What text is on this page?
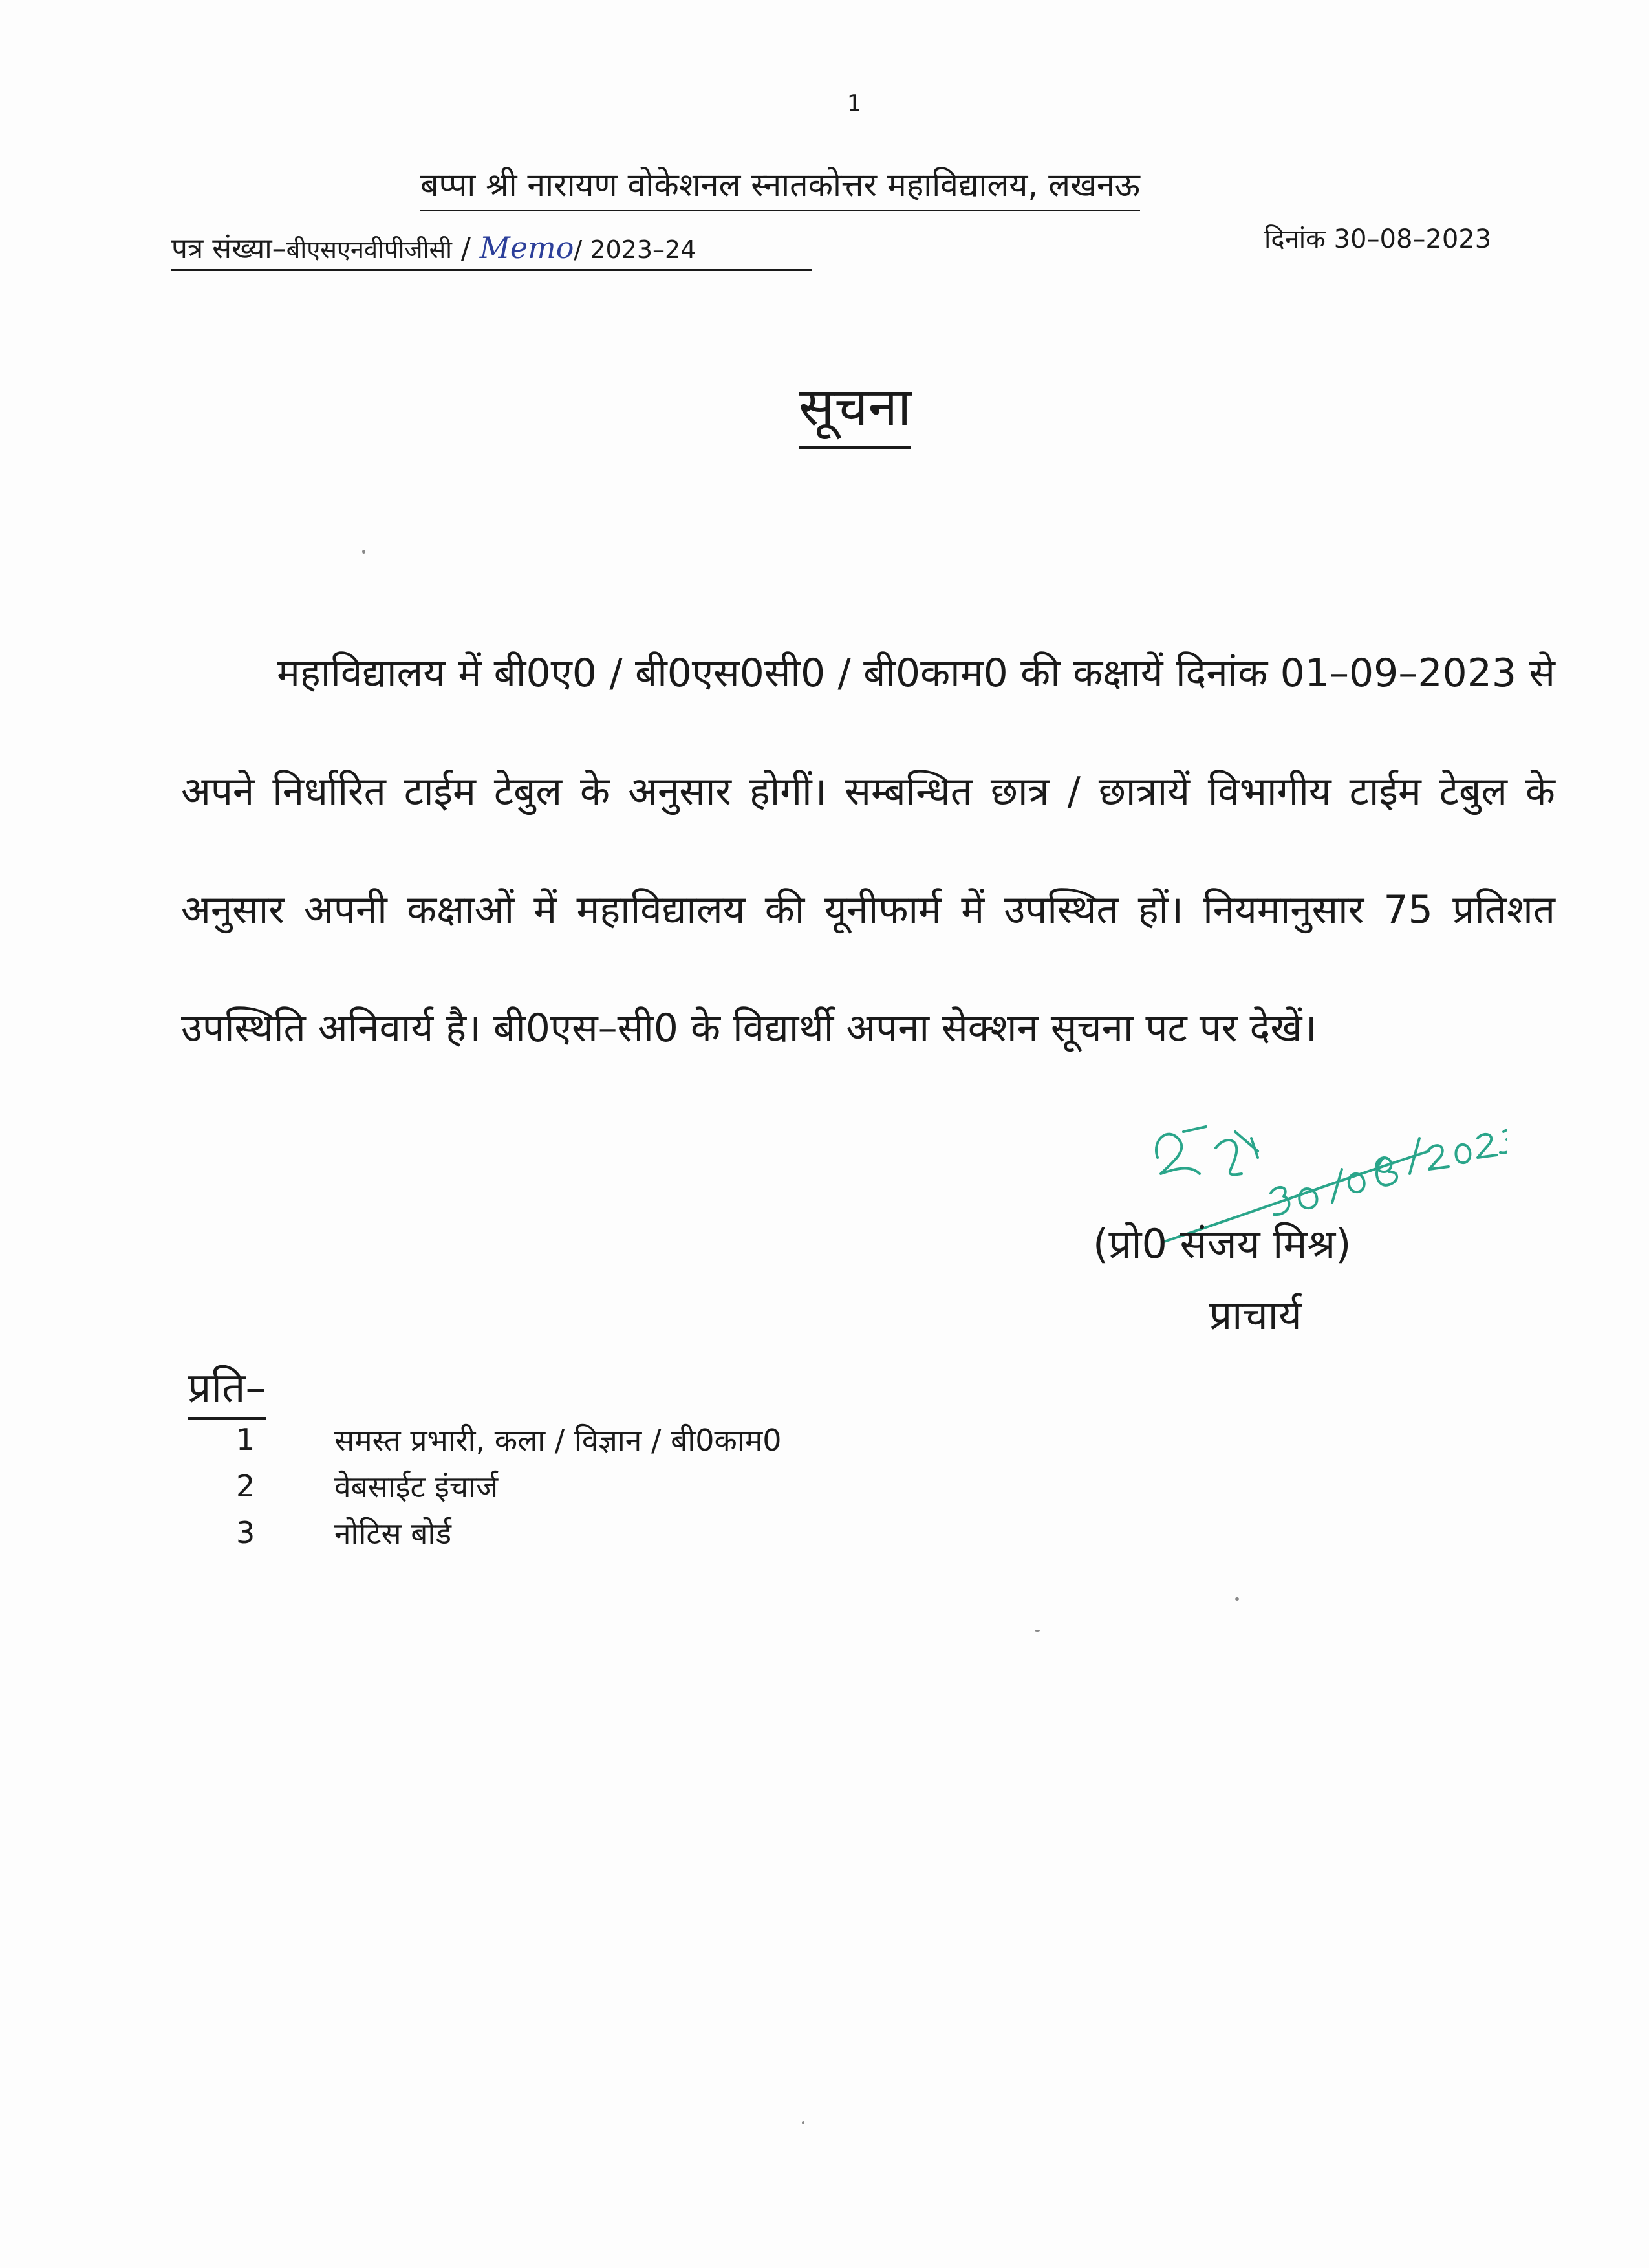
1
बप्पा श्री नारायण वोकेशनल स्नातकोत्तर महाविद्यालय, लखनऊ
पत्र संख्या–बीएसएनवीपीजीसी / Memo/ 2023–24	दिनांक 30–08–2023
सूचना

महाविद्यालय में बी0ए0 / बी0एस0सी0 / बी0काम0 की कक्षायें दिनांक 01–09–2023 से अपने निर्धारित टाईम टेबुल के अनुसार होगीं। सम्बन्धित छात्र / छात्रायें विभागीय टाईम टेबुल के अनुसार अपनी कक्षाओं में महाविद्यालय की यूनीफार्म में उपस्थित हों। नियमानुसार 75 प्रतिशत उपस्थिति अनिवार्य है। बी0एस–सी0 के विद्यार्थी अपना सेक्शन सूचना पट पर देखें।

(प्रो0 संजय मिश्र)
प्राचार्य
प्रति–
1	समस्त प्रभारी, कला / विज्ञान / बी0काम0
2	वेबसाईट इंचार्ज
3	नोटिस बोर्ड
